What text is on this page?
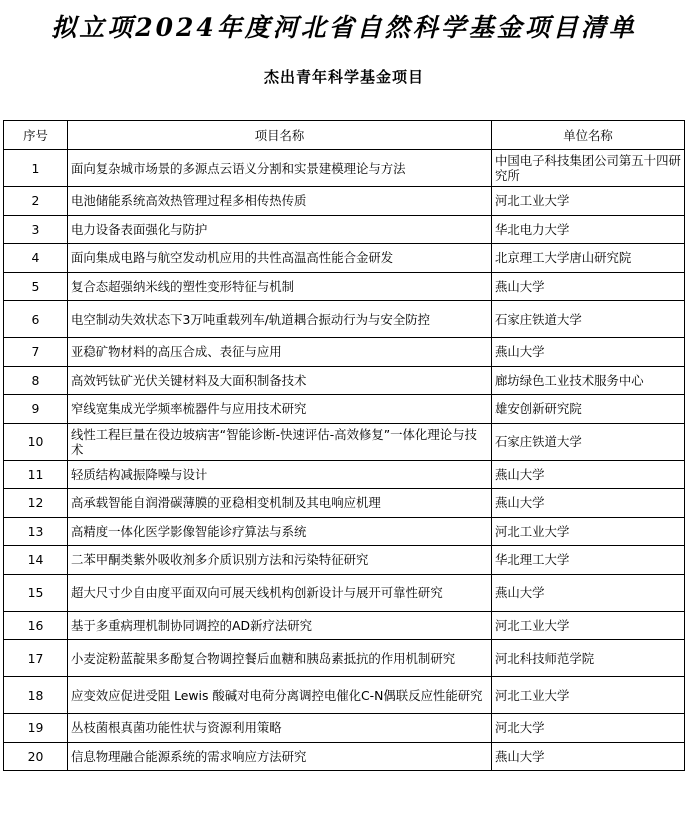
拟立项2024年度河北省自然科学基金项目清单
杰出青年科学基金项目
序号	项目名称	单位名称
1	面向复杂城市场景的多源点云语义分割和实景建模理论与方法	中国电子科技集团公司第五十四研究所
2	电池储能系统高效热管理过程多相传热传质	河北工业大学
3	电力设备表面强化与防护	华北电力大学
4	面向集成电路与航空发动机应用的共性高温高性能合金研发	北京理工大学唐山研究院
5	复合态超强纳米线的塑性变形特征与机制	燕山大学
6	电空制动失效状态下3万吨重载列车/轨道耦合振动行为与安全防控	石家庄铁道大学
7	亚稳矿物材料的高压合成、表征与应用	燕山大学
8	高效钙钛矿光伏关键材料及大面积制备技术	廊坊绿色工业技术服务中心
9	窄线宽集成光学频率梳器件与应用技术研究	雄安创新研究院
10	线性工程巨量在役边坡病害“智能诊断-快速评估-高效修复”一体化理论与技术	石家庄铁道大学
11	轻质结构减振降噪与设计	燕山大学
12	高承载智能自润滑碳薄膜的亚稳相变机制及其电响应机理	燕山大学
13	高精度一体化医学影像智能诊疗算法与系统	河北工业大学
14	二苯甲酮类紫外吸收剂多介质识别方法和污染特征研究	华北理工大学
15	超大尺寸少自由度平面双向可展天线机构创新设计与展开可靠性研究	燕山大学
16	基于多重病理机制协同调控的AD新疗法研究	河北工业大学
17	小麦淀粉蓝靛果多酚复合物调控餐后血糖和胰岛素抵抗的作用机制研究	河北科技师范学院
18	应变效应促进受阻 Lewis 酸碱对电荷分离调控电催化C-N偶联反应性能研究	河北工业大学
19	丛枝菌根真菌功能性状与资源利用策略	河北大学
20	信息物理融合能源系统的需求响应方法研究	燕山大学
